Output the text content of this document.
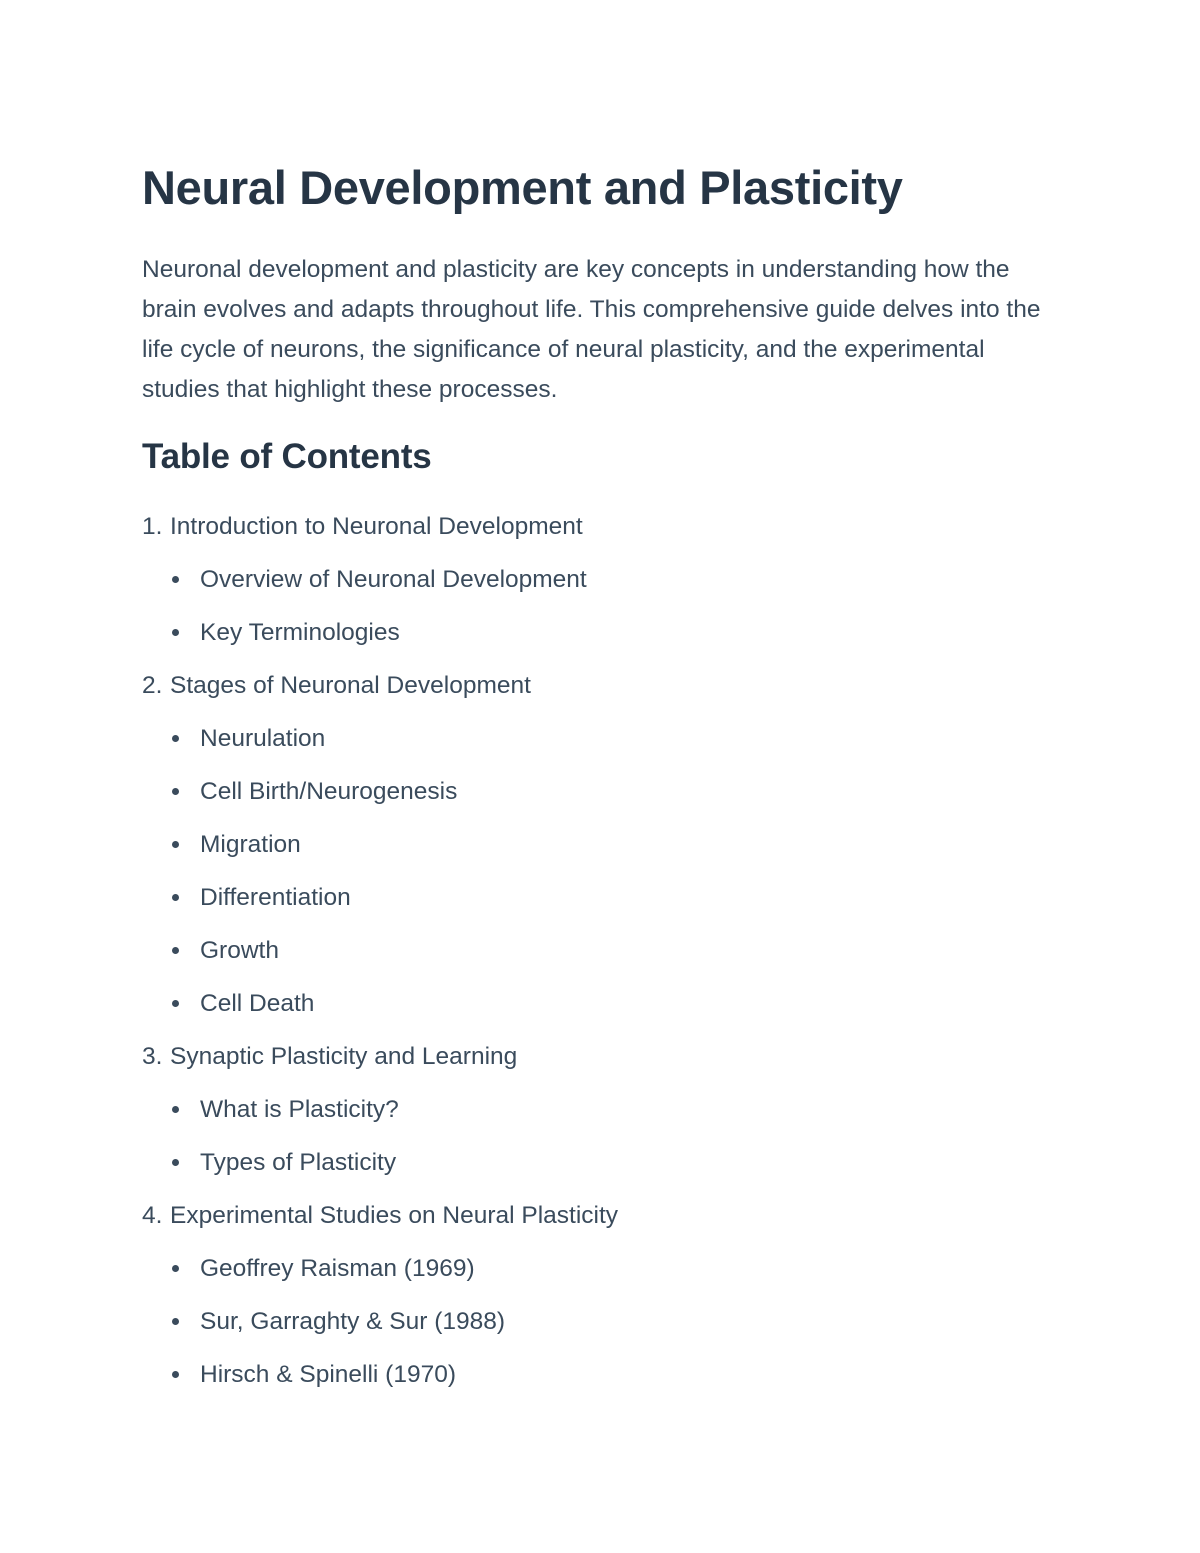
Neural Development and Plasticity

Neuronal development and plasticity are key concepts in understanding how the brain evolves and adapts throughout life. This comprehensive guide delves into the life cycle of neurons, the significance of neural plasticity, and the experimental studies that highlight these processes.

Table of Contents
1. Introduction to Neuronal Development
Overview of Neuronal Development
Key Terminologies
2. Stages of Neuronal Development
Neurulation
Cell Birth/Neurogenesis
Migration
Differentiation
Growth
Cell Death
3. Synaptic Plasticity and Learning
What is Plasticity?
Types of Plasticity
4. Experimental Studies on Neural Plasticity
Geoffrey Raisman (1969)
Sur, Garraghty & Sur (1988)
Hirsch & Spinelli (1970)
